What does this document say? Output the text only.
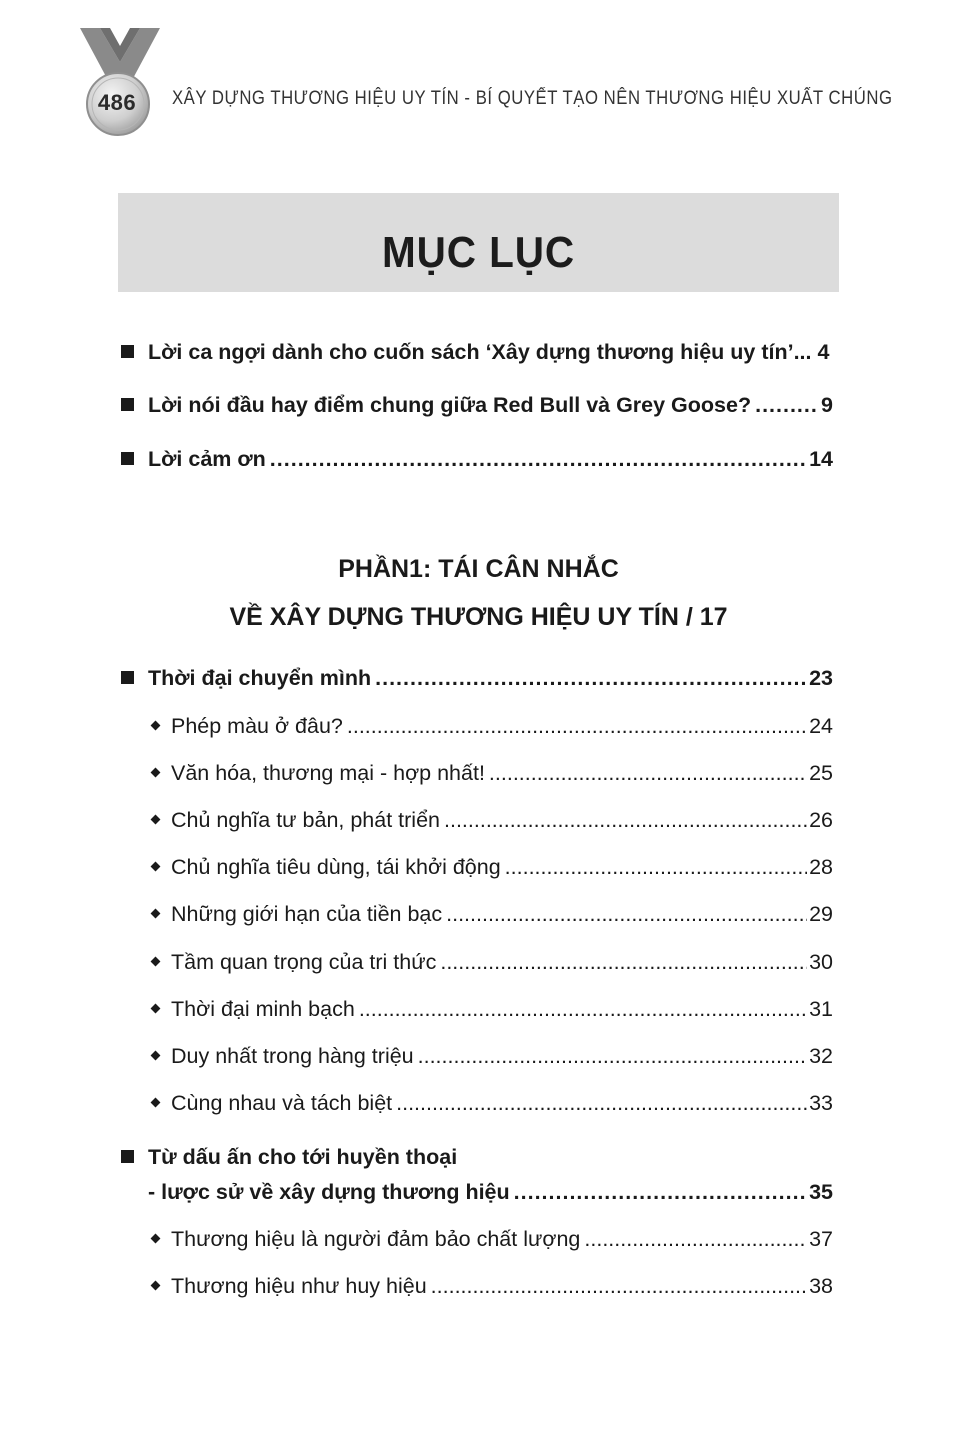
486	XÂY DỰNG THƯƠNG HIỆU UY TÍN - BÍ QUYẾT TẠO NÊN THƯƠNG HIỆU XUẤT CHÚNG
MỤC LỤC
Lời ca ngợi dành cho cuốn sách ‘Xây dựng thương hiệu uy tín’... 4
Lời nói đầu hay điểm chung giữa Red Bull và Grey Goose? .....	9
Lời cảm ơn .....	14
PHẦN1: TÁI CÂN NHẮC
VỀ XÂY DỰNG THƯƠNG HIỆU UY TÍN / 17
Thời đại chuyển mình .....	23
Phép màu ở đâu? .....	24
Văn hóa, thương mại - hợp nhất! .....	25
Chủ nghĩa tư bản, phát triển .....	26
Chủ nghĩa tiêu dùng, tái khởi động .....	28
Những giới hạn của tiền bạc .....	29
Tầm quan trọng của tri thức .....	30
Thời đại minh bạch .....	31
Duy nhất trong hàng triệu .....	32
Cùng nhau và tách biệt .....	33
Từ dấu ấn cho tới huyền thoại
- lược sử về xây dựng thương hiệu .....	35
Thương hiệu là người đảm bảo chất lượng .....	37
Thương hiệu như huy hiệu .....	38
